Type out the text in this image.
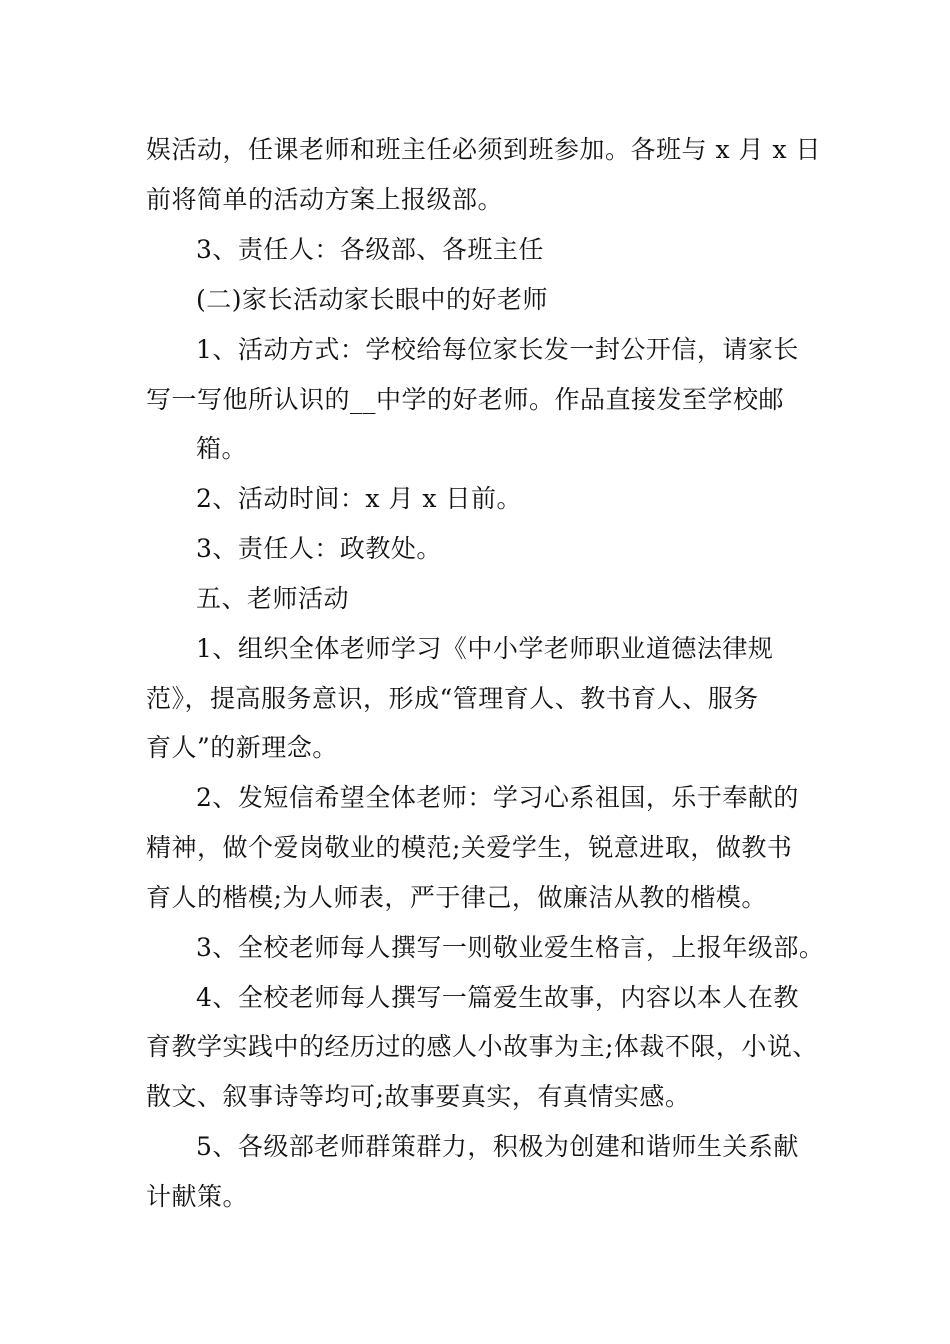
娱活动，任课老师和班主任必须到班参加。各班与 x 月 x 日
前将简单的活动方案上报级部。
3、责任人：各级部、各班主任
(二)家长活动家长眼中的好老师
1、活动方式：学校给每位家长发一封公开信，请家长
写一写他所认识的__中学的好老师。作品直接发至学校邮
箱。
2、活动时间：x 月 x 日前。
3、责任人：政教处。
五、老师活动
1、组织全体老师学习《中小学老师职业道德法律规
范》，提高服务意识，形成“管理育人、教书育人、服务
育人”的新理念。
2、发短信希望全体老师：学习心系祖国，乐于奉献的
精神，做个爱岗敬业的模范;关爱学生，锐意进取，做教书
育人的楷模;为人师表，严于律己，做廉洁从教的楷模。
3、全校老师每人撰写一则敬业爱生格言，上报年级部。
4、全校老师每人撰写一篇爱生故事，内容以本人在教
育教学实践中的经历过的感人小故事为主;体裁不限，小说、
散文、叙事诗等均可;故事要真实，有真情实感。
5、各级部老师群策群力，积极为创建和谐师生关系献
计献策。
